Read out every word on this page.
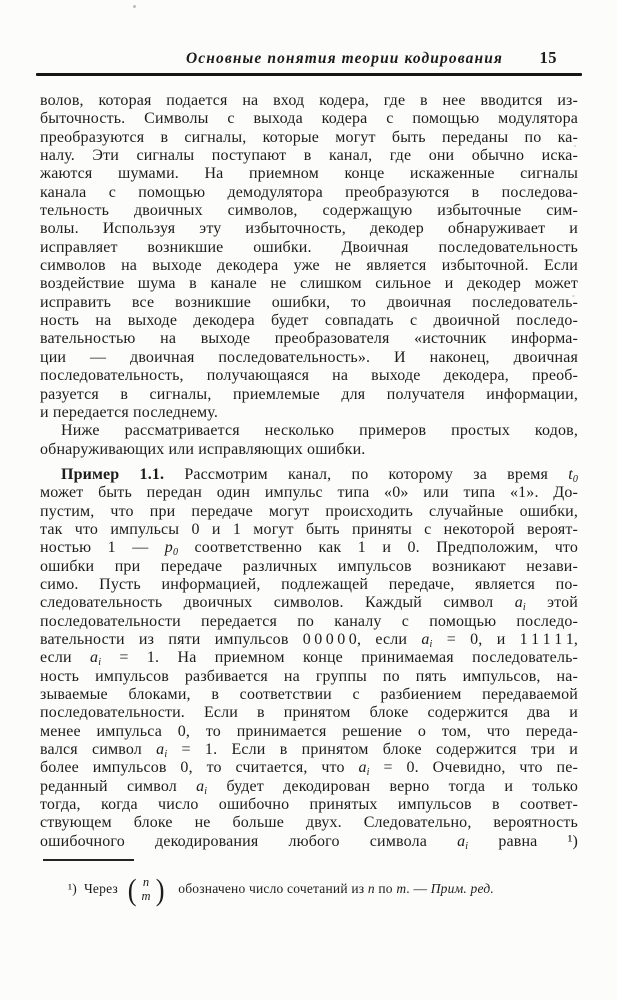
Основные понятия теории кодирования 15
волов, которая подается на вход кодера, где в нее вводится из-
быточность. Символы с выхода кодера с помощью модулятора
преобразуются в сигналы, которые могут быть переданы по ка-
налу. Эти сигналы поступают в канал, где они обычно иска-
жаются шумами. На приемном конце искаженные сигналы
канала с помощью демодулятора преобразуются в последова-
тельность двоичных символов, содержащую избыточные сим-
волы. Используя эту избыточность, декодер обнаруживает и
исправляет возникшие ошибки. Двоичная последовательность
символов на выходе декодера уже не является избыточной. Если
воздействие шума в канале не слишком сильное и декодер может
исправить все возникшие ошибки, то двоичная последователь-
ность на выходе декодера будет совпадать с двоичной последо-
вательностью на выходе преобразователя «источник информа-
ции — двоичная последовательность». И наконец, двоичная
последовательность, получающаяся на выходе декодера, преоб-
разуется в сигналы, приемлемые для получателя информации,
и передается последнему.
Ниже рассматривается несколько примеров простых кодов,
обнаруживающих или исправляющих ошибки.
Пример 1.1. Рассмотрим канал, по которому за время $t_0$
может быть передан один импульс типа «0» или типа «1». До-
пустим, что при передаче могут происходить случайные ошибки,
так что импульсы 0 и 1 могут быть приняты с некоторой вероят-
ностью 1 — $p_0$ соответственно как 1 и 0. Предположим, что
ошибки при передаче различных импульсов возникают незави-
симо. Пусть информацией, подлежащей передаче, является по-
следовательность двоичных символов. Каждый символ $a_i$ этой
последовательности передается по каналу с помощью последо-
вательности из пяти импульсов 0 0 0 0 0, если $a_i = 0$, и 1 1 1 1 1,
если $a_i = 1$. На приемном конце принимаемая последователь-
ность импульсов разбивается на группы по пять импульсов, на-
зываемые блоками, в соответствии с разбиением передаваемой
последовательности. Если в принятом блоке содержится два и
менее импульса 0, то принимается решение о том, что переда-
вался символ $a_i = 1$. Если в принятом блоке содержится три и
более импульсов 0, то считается, что $a_i = 0$. Очевидно, что пе-
реданный символ $a_i$ будет декодирован верно тогда и только
тогда, когда число ошибочно принятых импульсов в соответ-
ствующем блоке не больше двух. Следовательно, вероятность
ошибочного декодирования любого символа $a_i$ равна ¹)
¹) Через ( n
m ) обозначено число сочетаний из n по m. — Прим. ред.
